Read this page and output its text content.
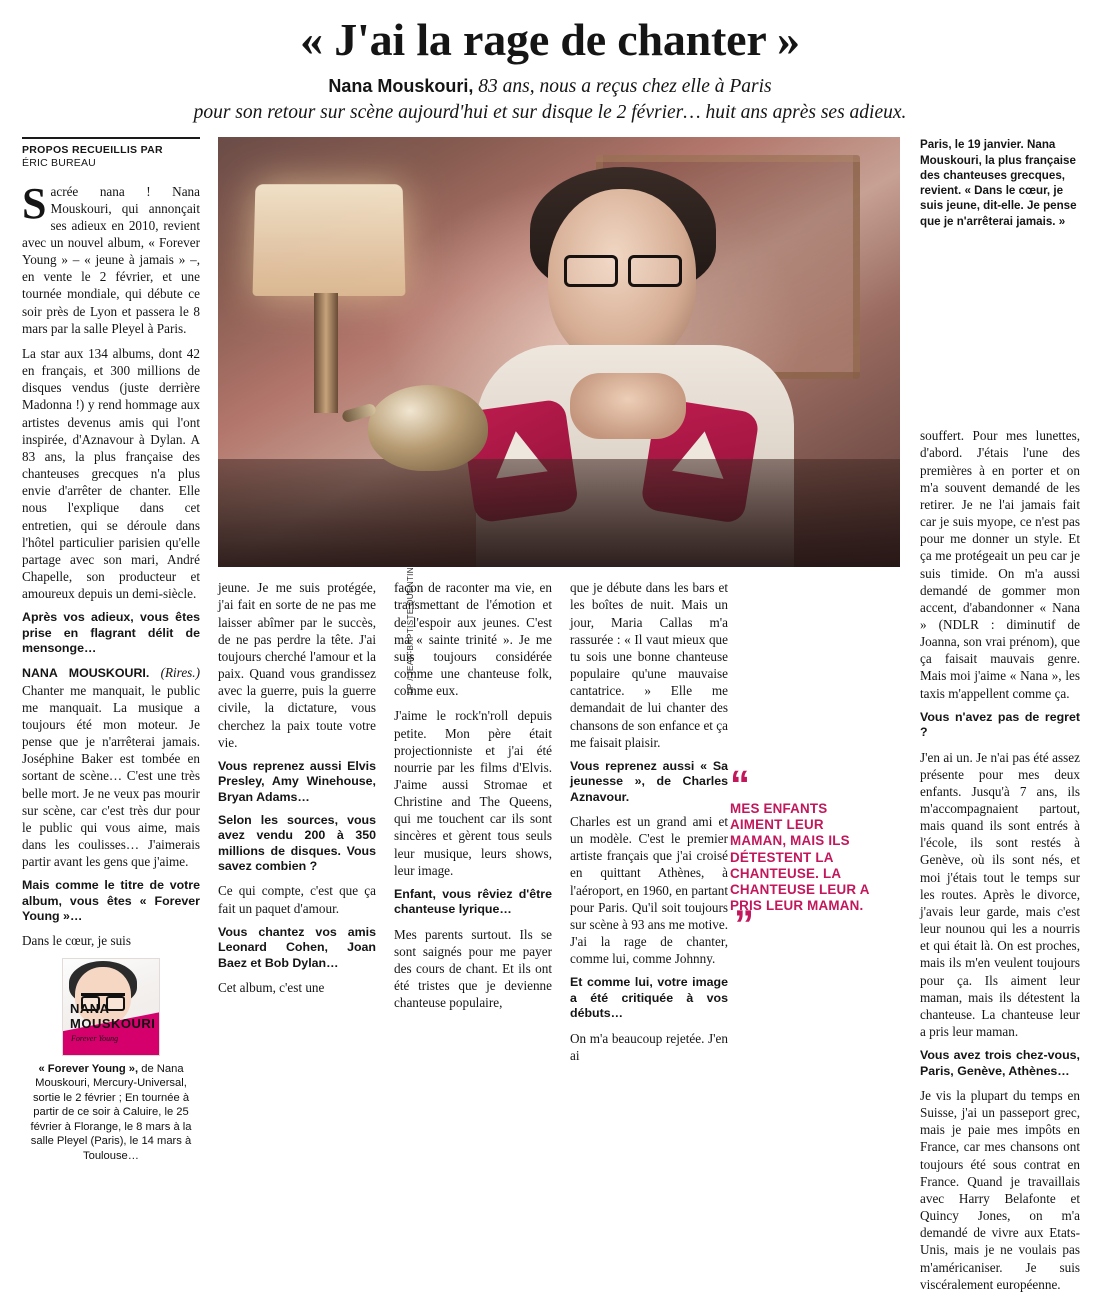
« J'ai la rage de chanter »
Nana Mouskouri, 83 ans, nous a reçus chez elle à Paris
pour son retour sur scène aujourd'hui et sur disque le 2 février… huit ans après ses adieux.
PROPOS RECUEILLIS PAR
ÉRIC BUREAU

Sacrée nana ! Nana Mouskouri, qui annonçait ses adieux en 2010, revient avec un nouvel album, « Forever Young » – « jeune à jamais » –, en vente le 2 février, et une tournée mondiale, qui débute ce soir près de Lyon et passera le 8 mars par la salle Pleyel à Paris.

La star aux 134 albums, dont 42 en français, et 300 millions de disques vendus (juste derrière Madonna !) y rend hommage aux artistes devenus amis qui l'ont inspirée, d'Aznavour à Dylan. A 83 ans, la plus française des chanteuses grecques n'a plus envie d'arrêter de chanter. Elle nous l'explique dans cet entretien, qui se déroule dans l'hôtel particulier parisien qu'elle partage avec son mari, André Chapelle, son producteur et amoureux depuis un demi-siècle.

Après vos adieux, vous êtes prise en flagrant délit de mensonge…

NANA MOUSKOURI. (Rires.) Chanter me manquait, le public me manquait. La musique a toujours été mon moteur. Je pense que je n'arrêterai jamais. Joséphine Baker est tombée en sortant de scène… C'est une très belle mort. Je ne veux pas mourir sur scène, car c'est très dur pour le public qui vous aime, mais dans les coulisses… J'aimerais partir avant les gens que j'aime.

Mais comme le titre de votre album, vous êtes « Forever Young »…

Dans le cœur, je suis

NANA MOUSKOURI
Forever Young
« Forever Young », de Nana Mouskouri, Mercury-Universal, sortie le 2 février ; En tournée à partir de ce soir à Caluire, le 25 février à Florange, le 8 mars à la salle Pleyel (Paris), le 14 mars à Toulouse…
LP / JEAN-BAPTISTE QUENTIN
Paris, le 19 janvier. Nana Mouskouri, la plus française des chanteuses grecques, revient. « Dans le cœur, je suis jeune, dit-elle. Je pense que je n'arrêterai jamais. »

jeune. Je me suis protégée, j'ai fait en sorte de ne pas me laisser abîmer par le succès, de ne pas perdre la tête. J'ai toujours cherché l'amour et la paix. Quand vous grandissez avec la guerre, puis la guerre civile, la dictature, vous cherchez la paix toute votre vie.

Vous reprenez aussi Elvis Presley, Amy Winehouse, Bryan Adams…

Selon les sources, vous avez vendu 200 à 350 millions de disques. Vous savez combien ?

Ce qui compte, c'est que ça fait un paquet d'amour.

Vous chantez vos amis Leonard Cohen, Joan Baez et Bob Dylan…

Cet album, c'est une

façon de raconter ma vie, en transmettant de l'émotion et de l'espoir aux jeunes. C'est ma « sainte trinité ». Je me suis toujours considérée comme une chanteuse folk, comme eux.

J'aime le rock'n'roll depuis petite. Mon père était projectionniste et j'ai été nourrie par les films d'Elvis. J'aime aussi Stromae et Christine and The Queens, qui me touchent car ils sont sincères et gèrent tous seuls leur musique, leurs shows, leur image.

Enfant, vous rêviez d'être chanteuse lyrique…

Mes parents surtout. Ils se sont saignés pour me payer des cours de chant. Et ils ont été tristes que je devienne chanteuse populaire,

que je débute dans les bars et les boîtes de nuit. Mais un jour, Maria Callas m'a rassurée : « Il vaut mieux que tu sois une bonne chanteuse populaire qu'une mauvaise cantatrice. » Elle me demandait de lui chanter des chansons de son enfance et ça me faisait plaisir.

Vous reprenez aussi « Sa jeunesse », de Charles Aznavour.

Charles est un grand ami et un modèle. C'est le premier artiste français que j'ai croisé en quittant Athènes, à l'aéroport, en 1960, en partant pour Paris. Qu'il soit toujours sur scène à 93 ans me motive. J'ai la rage de chanter, comme lui, comme Johnny.

Et comme lui, votre image a été critiquée à vos débuts…

On m'a beaucoup rejetée. J'en ai

“
MES ENFANTS AIMENT LEUR MAMAN, MAIS ILS DÉTESTENT LA CHANTEUSE. LA CHANTEUSE LEUR A PRIS LEUR MAMAN. ”

souffert. Pour mes lunettes, d'abord. J'étais l'une des premières à en porter et on m'a souvent demandé de les retirer. Je ne l'ai jamais fait car je suis myope, ce n'est pas pour me donner un style. Et ça me protégeait un peu car je suis timide. On m'a aussi demandé de gommer mon accent, d'abandonner « Nana » (NDLR : diminutif de Joanna, son vrai prénom), que ça faisait mauvais genre. Mais moi j'aime « Nana », les taxis m'appellent comme ça.

Vous n'avez pas de regret ?

J'en ai un. Je n'ai pas été assez présente pour mes deux enfants. Jusqu'à 7 ans, ils m'accompagnaient partout, mais quand ils sont entrés à l'école, ils sont restés à Genève, où ils sont nés, et moi j'étais tout le temps sur les routes. Après le divorce, j'avais leur garde, mais c'est leur nounou qui les a nourris et qui était là. On est proches, mais ils m'en veulent toujours pour ça. Ils aiment leur maman, mais ils détestent la chanteuse. La chanteuse leur a pris leur maman.

Vous avez trois chez-vous, Paris, Genève, Athènes…

Je vis la plupart du temps en Suisse, j'ai un passeport grec, mais je paie mes impôts en France, car mes chansons ont toujours été sous contrat en France. Quand je travaillais avec Harry Belafonte et Quincy Jones, on m'a demandé de vivre aux Etats-Unis, mais je ne voulais pas m'américaniser. Je suis viscéralement européenne.
